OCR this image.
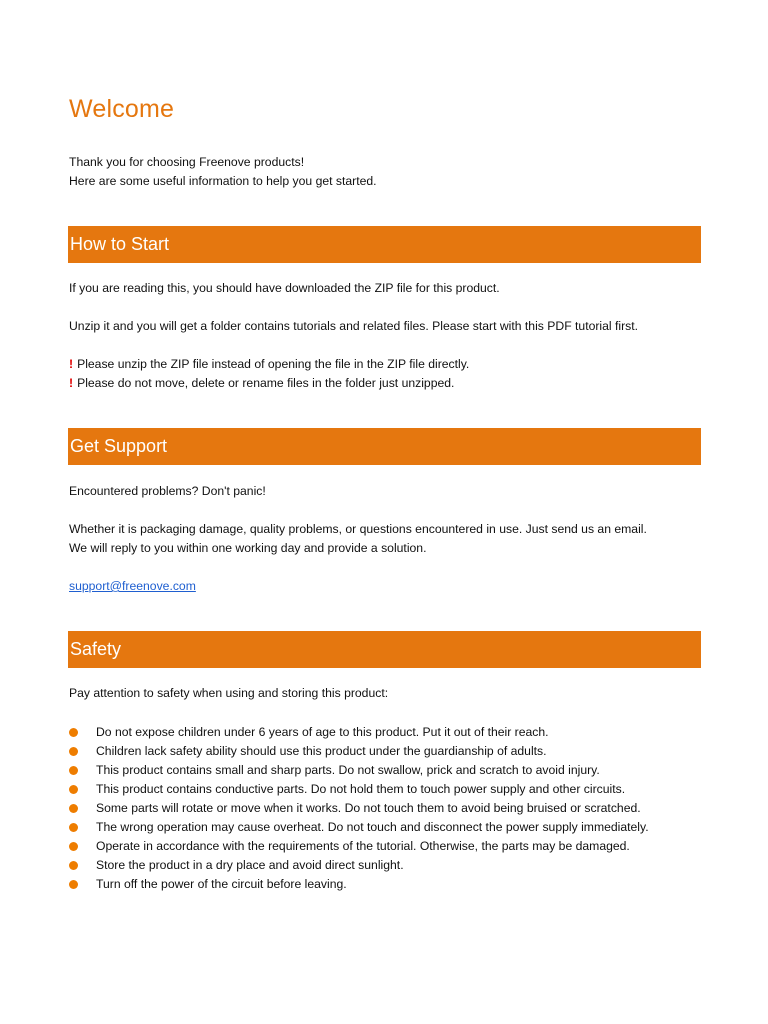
Welcome
Thank you for choosing Freenove products!
Here are some useful information to help you get started.
How to Start
If you are reading this, you should have downloaded the ZIP file for this product.
Unzip it and you will get a folder contains tutorials and related files. Please start with this PDF tutorial first.
! Please unzip the ZIP file instead of opening the file in the ZIP file directly.
! Please do not move, delete or rename files in the folder just unzipped.
Get Support
Encountered problems? Don't panic!
Whether it is packaging damage, quality problems, or questions encountered in use. Just send us an email.
We will reply to you within one working day and provide a solution.
support@freenove.com
Safety
Pay attention to safety when using and storing this product:
Do not expose children under 6 years of age to this product. Put it out of their reach.
Children lack safety ability should use this product under the guardianship of adults.
This product contains small and sharp parts. Do not swallow, prick and scratch to avoid injury.
This product contains conductive parts. Do not hold them to touch power supply and other circuits.
Some parts will rotate or move when it works. Do not touch them to avoid being bruised or scratched.
The wrong operation may cause overheat. Do not touch and disconnect the power supply immediately.
Operate in accordance with the requirements of the tutorial. Otherwise, the parts may be damaged.
Store the product in a dry place and avoid direct sunlight.
Turn off the power of the circuit before leaving.
